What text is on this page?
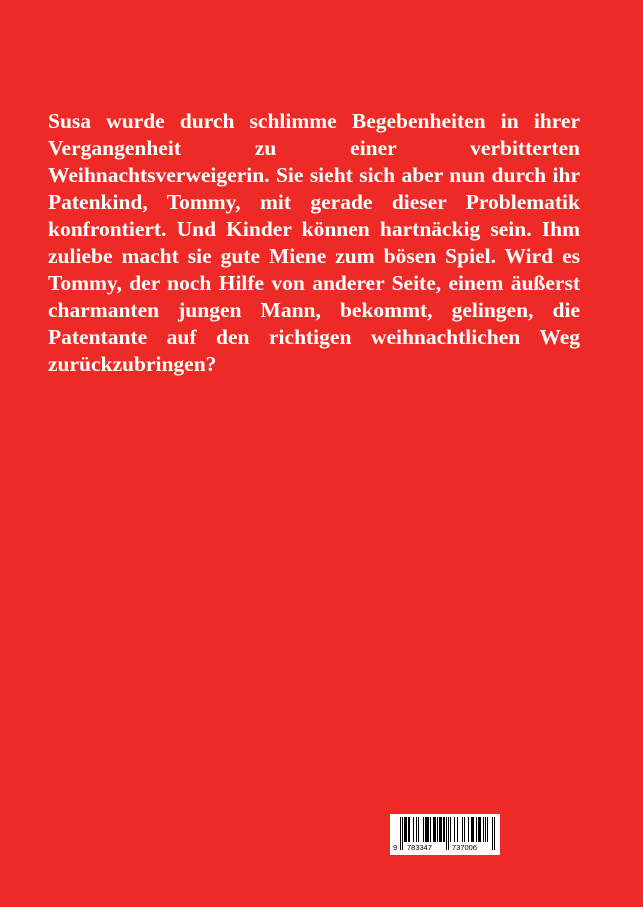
Susa wurde durch schlimme Begebenheiten in ihrer Vergangenheit zu einer verbitterten Weihnachtsverweigerin. Sie sieht sich aber nun durch ihr Patenkind, Tommy, mit gerade dieser Problematik konfrontiert. Und Kinder können hartnäckig sein. Ihm zuliebe macht sie gute Miene zum bösen Spiel. Wird es Tommy, der noch Hilfe von anderer Seite, einem äußerst charmanten jungen Mann, bekommt, gelingen, die Patentante auf den richtigen weihnachtlichen Weg zurückzubringen?

9 783347	737006
